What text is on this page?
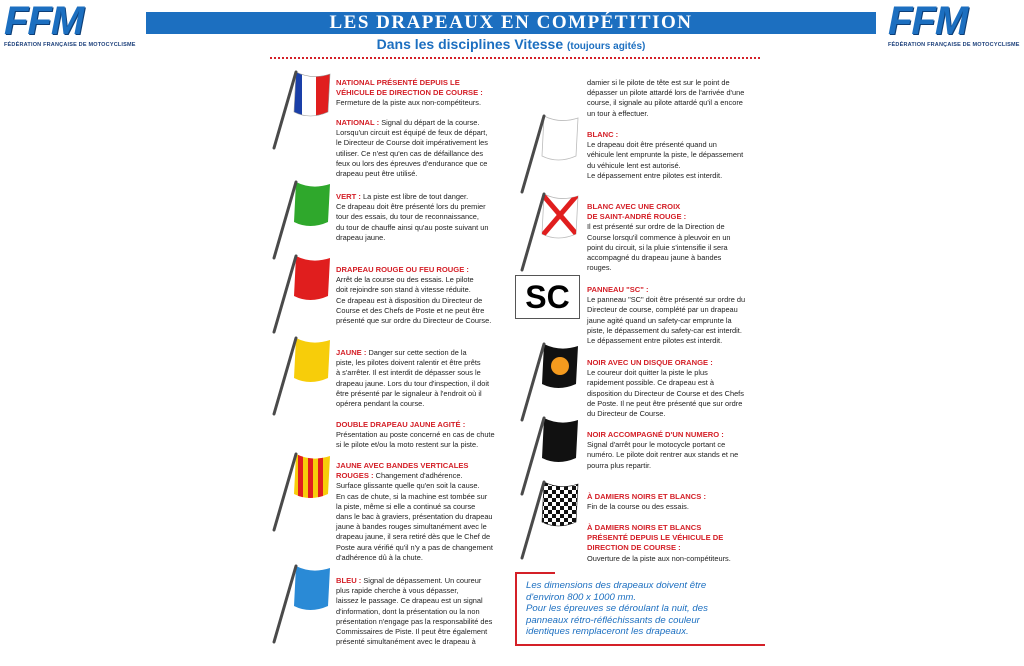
FFM
FÉDÉRATION FRANÇAISE DE MOTOCYCLISME
FFM
FÉDÉRATION FRANÇAISE DE MOTOCYCLISME
LES DRAPEAUX EN COMPÉTITION
Dans les disciplines Vitesse (toujours agités)
SC
NATIONAL PRÉSENTÉ DEPUIS LE
VÉHICULE DE DIRECTION DE COURSE :
Fermeture de la piste aux non-compétiteurs.
NATIONAL : Signal du départ de la course.
Lorsqu'un circuit est équipé de feux de départ,
le Directeur de Course doit impérativement les
utiliser. Ce n'est qu'en cas de défaillance des
feux ou lors des épreuves d'endurance que ce
drapeau peut être utilisé.
VERT : La piste est libre de tout danger.
Ce drapeau doit être présenté lors du premier
tour des essais, du tour de reconnaissance,
du tour de chauffe ainsi qu'au poste suivant un
drapeau jaune.
DRAPEAU ROUGE OU FEU ROUGE :
Arrêt de la course ou des essais. Le pilote
doit rejoindre son stand à vitesse réduite.
Ce drapeau est à disposition du Directeur de
Course et des Chefs de Poste et ne peut être
présenté que sur ordre du Directeur de Course.
JAUNE : Danger sur cette section de la
piste, les pilotes doivent ralentir et être prêts
à s'arrêter. Il est interdit de dépasser sous le
drapeau jaune. Lors du tour d'inspection, il doit
être présenté par le signaleur à l'endroit où il
opérera pendant la course.
DOUBLE DRAPEAU JAUNE AGITÉ :
Présentation au poste concerné en cas de chute
si le pilote et/ou la moto restent sur la piste.
JAUNE AVEC BANDES VERTICALES
ROUGES : Changement d'adhérence.
Surface glissante quelle qu'en soit la cause.
En cas de chute, si la machine est tombée sur
la piste, même si elle a continué sa course
dans le bac à graviers, présentation du drapeau
jaune à bandes rouges simultanément avec le
drapeau jaune, il sera retiré dès que le Chef de
Poste aura vérifié qu'il n'y a pas de changement
d'adhérence dû à la chute.
BLEU : Signal de dépassement. Un coureur
plus rapide cherche à vous dépasser,
laissez le passage. Ce drapeau est un signal
d'information, dont la présentation ou la non
présentation n'engage pas la responsabilité des
Commissaires de Piste. Il peut être également
présenté simultanément avec le drapeau à
damier si le pilote de tête est sur le point de
dépasser un pilote attardé lors de l'arrivée d'une
course, il signale au pilote attardé qu'il a encore
un tour à effectuer.
BLANC :
Le drapeau doit être présenté quand un
véhicule lent emprunte la piste, le dépassement
du véhicule lent est autorisé.
Le dépassement entre pilotes est interdit.
BLANC AVEC UNE CROIX
DE SAINT-ANDRÉ ROUGE :
Il est présenté sur ordre de la Direction de
Course lorsqu'il commence à pleuvoir en un
point du circuit, si la pluie s'intensifie il sera
accompagné du drapeau jaune à bandes
rouges.
PANNEAU "SC" :
Le panneau "SC" doit être présenté sur ordre du
Directeur de course, complété par un drapeau
jaune agité quand un safety-car emprunte la
piste, le dépassement du safety-car est interdit.
Le dépassement entre pilotes est interdit.
NOIR AVEC UN DISQUE ORANGE :
Le coureur doit quitter la piste le plus
rapidement possible. Ce drapeau est à
disposition du Directeur de Course et des Chefs
de Poste. Il ne peut être présenté que sur ordre
du Directeur de Course.
NOIR ACCOMPAGNÉ D'UN NUMERO :
Signal d'arrêt pour le motocycle portant ce
numéro. Le pilote doit rentrer aux stands et ne
pourra plus repartir.
À DAMIERS NOIRS ET BLANCS :
Fin de la course ou des essais.
À DAMIERS NOIRS ET BLANCS
PRÉSENTÉ DEPUIS LE VÉHICULE DE
DIRECTION DE COURSE :
Ouverture de la piste aux non-compétiteurs.
Les dimensions des drapeaux doivent être
d'environ 800 x 1000 mm.
Pour les épreuves se déroulant la nuit, des
panneaux rétro-réfléchissants de couleur
identiques remplaceront les drapeaux.
